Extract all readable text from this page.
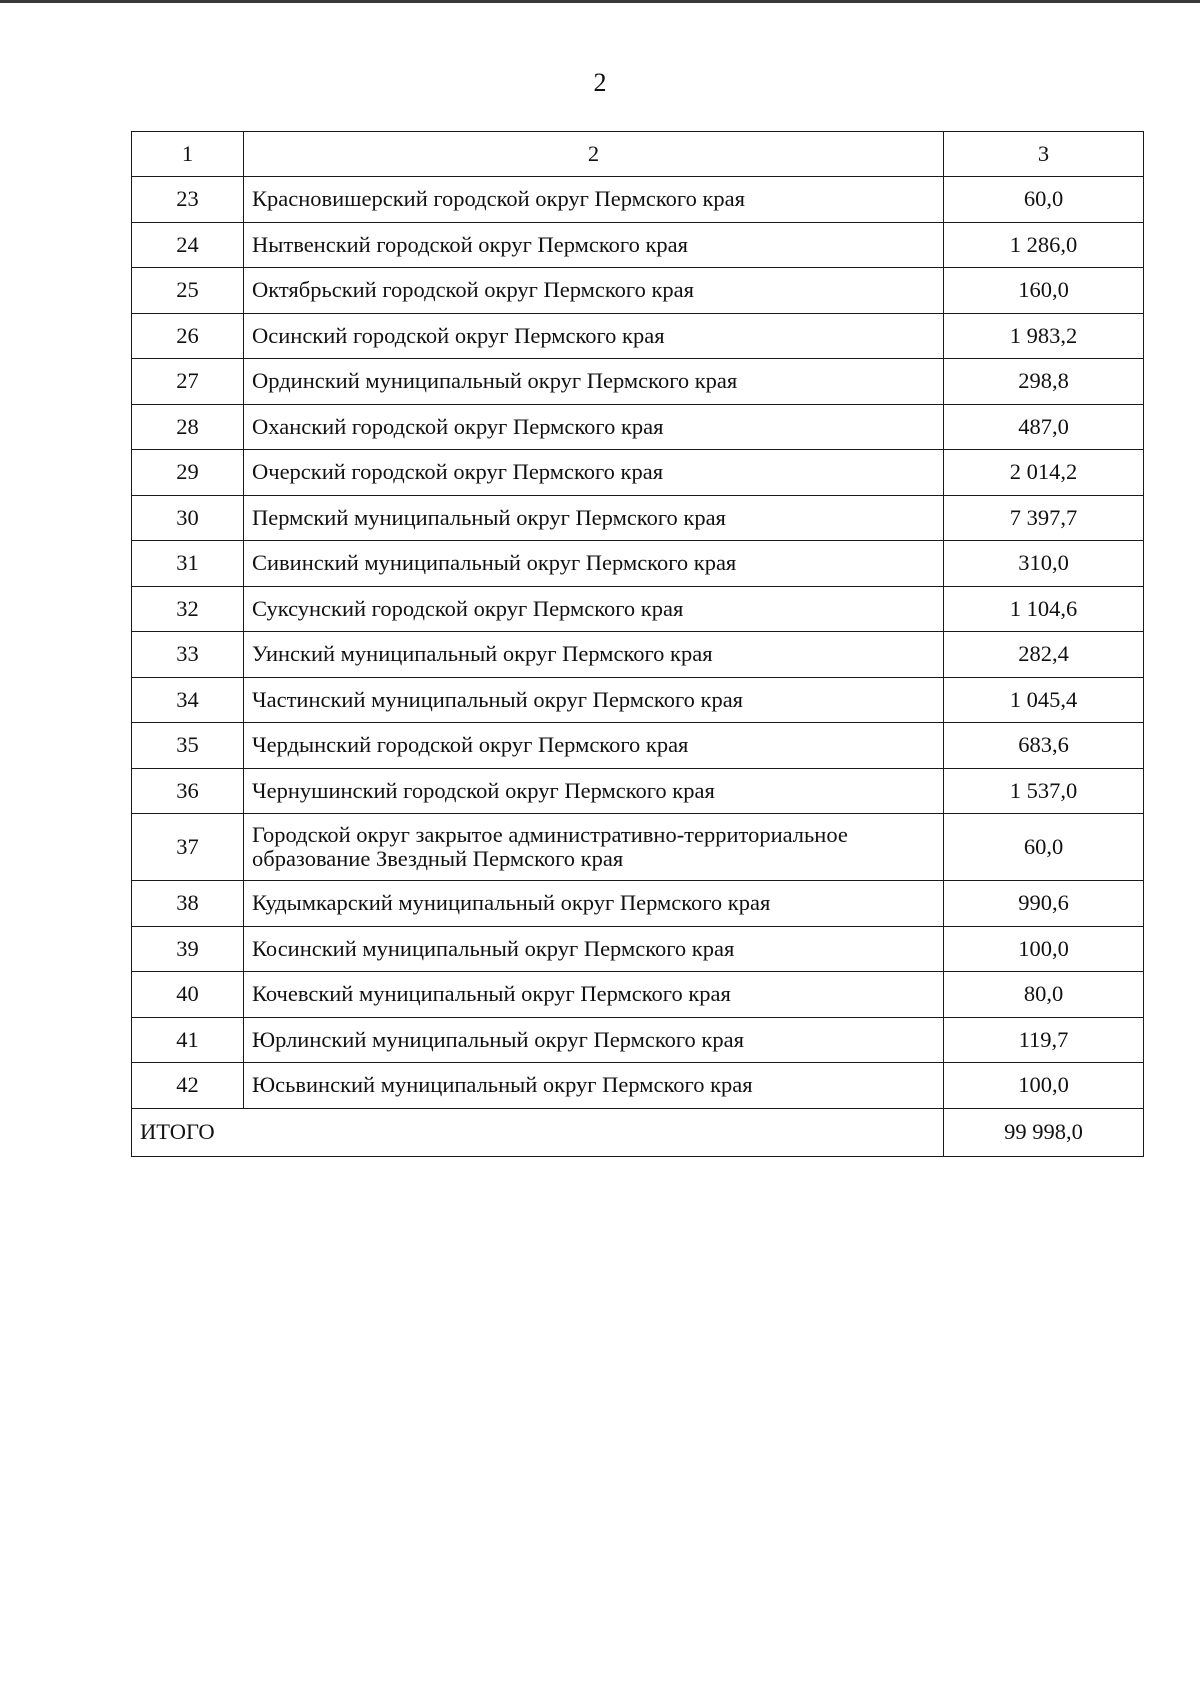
2
1	2	3
23	Красновишерский городской округ Пермского края	60,0
24	Нытвенский городской округ Пермского края	1 286,0
25	Октябрьский городской округ Пермского края	160,0
26	Осинский городской округ Пермского края	1 983,2
27	Ординский муниципальный округ Пермского края	298,8
28	Оханский городской округ Пермского края	487,0
29	Очерский городской округ Пермского края	2 014,2
30	Пермский муниципальный округ Пермского края	7 397,7
31	Сивинский муниципальный округ Пермского края	310,0
32	Суксунский городской округ Пермского края	1 104,6
33	Уинский муниципальный округ Пермского края	282,4
34	Частинский муниципальный округ Пермского края	1 045,4
35	Чердынский городской округ Пермского края	683,6
36	Чернушинский городской округ Пермского края	1 537,0
37	Городской округ закрытое административно-территориальное
образование Звездный Пермского края	60,0
38	Кудымкарский муниципальный округ Пермского края	990,6
39	Косинский муниципальный округ Пермского края	100,0
40	Кочевский муниципальный округ Пермского края	80,0
41	Юрлинский муниципальный округ Пермского края	119,7
42	Юсьвинский муниципальный округ Пермского края	100,0
ИТОГО		99 998,0
